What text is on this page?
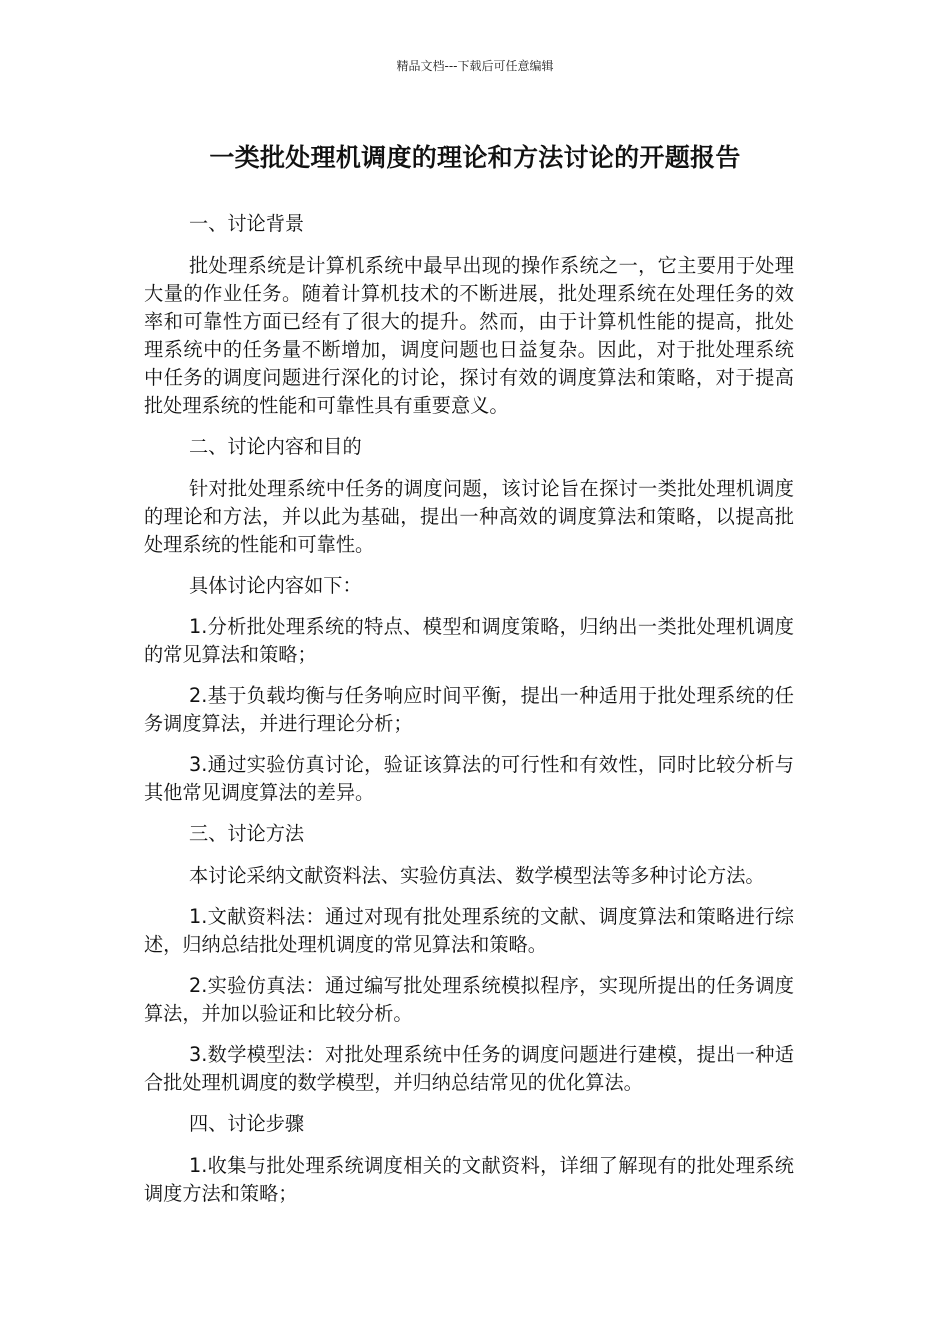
精品文档---下载后可任意编辑
一类批处理机调度的理论和方法讨论的开题报告

一、讨论背景

批处理系统是计算机系统中最早出现的操作系统之一，它主要用于处理大量的作业任务。随着计算机技术的不断进展，批处理系统在处理任务的效率和可靠性方面已经有了很大的提升。然而，由于计算机性能的提高，批处理系统中的任务量不断增加，调度问题也日益复杂。因此，对于批处理系统中任务的调度问题进行深化的讨论，探讨有效的调度算法和策略，对于提高批处理系统的性能和可靠性具有重要意义。

二、讨论内容和目的

针对批处理系统中任务的调度问题，该讨论旨在探讨一类批处理机调度的理论和方法，并以此为基础，提出一种高效的调度算法和策略，以提高批处理系统的性能和可靠性。

具体讨论内容如下：

1.分析批处理系统的特点、模型和调度策略，归纳出一类批处理机调度的常见算法和策略；

2.基于负载均衡与任务响应时间平衡，提出一种适用于批处理系统的任务调度算法，并进行理论分析；

3.通过实验仿真讨论，验证该算法的可行性和有效性，同时比较分析与其他常见调度算法的差异。

三、讨论方法

本讨论采纳文献资料法、实验仿真法、数学模型法等多种讨论方法。

1.文献资料法：通过对现有批处理系统的文献、调度算法和策略进行综述，归纳总结批处理机调度的常见算法和策略。

2.实验仿真法：通过编写批处理系统模拟程序，实现所提出的任务调度算法，并加以验证和比较分析。

3.数学模型法：对批处理系统中任务的调度问题进行建模，提出一种适合批处理机调度的数学模型，并归纳总结常见的优化算法。

四、讨论步骤

1.收集与批处理系统调度相关的文献资料，详细了解现有的批处理系统调度方法和策略；
